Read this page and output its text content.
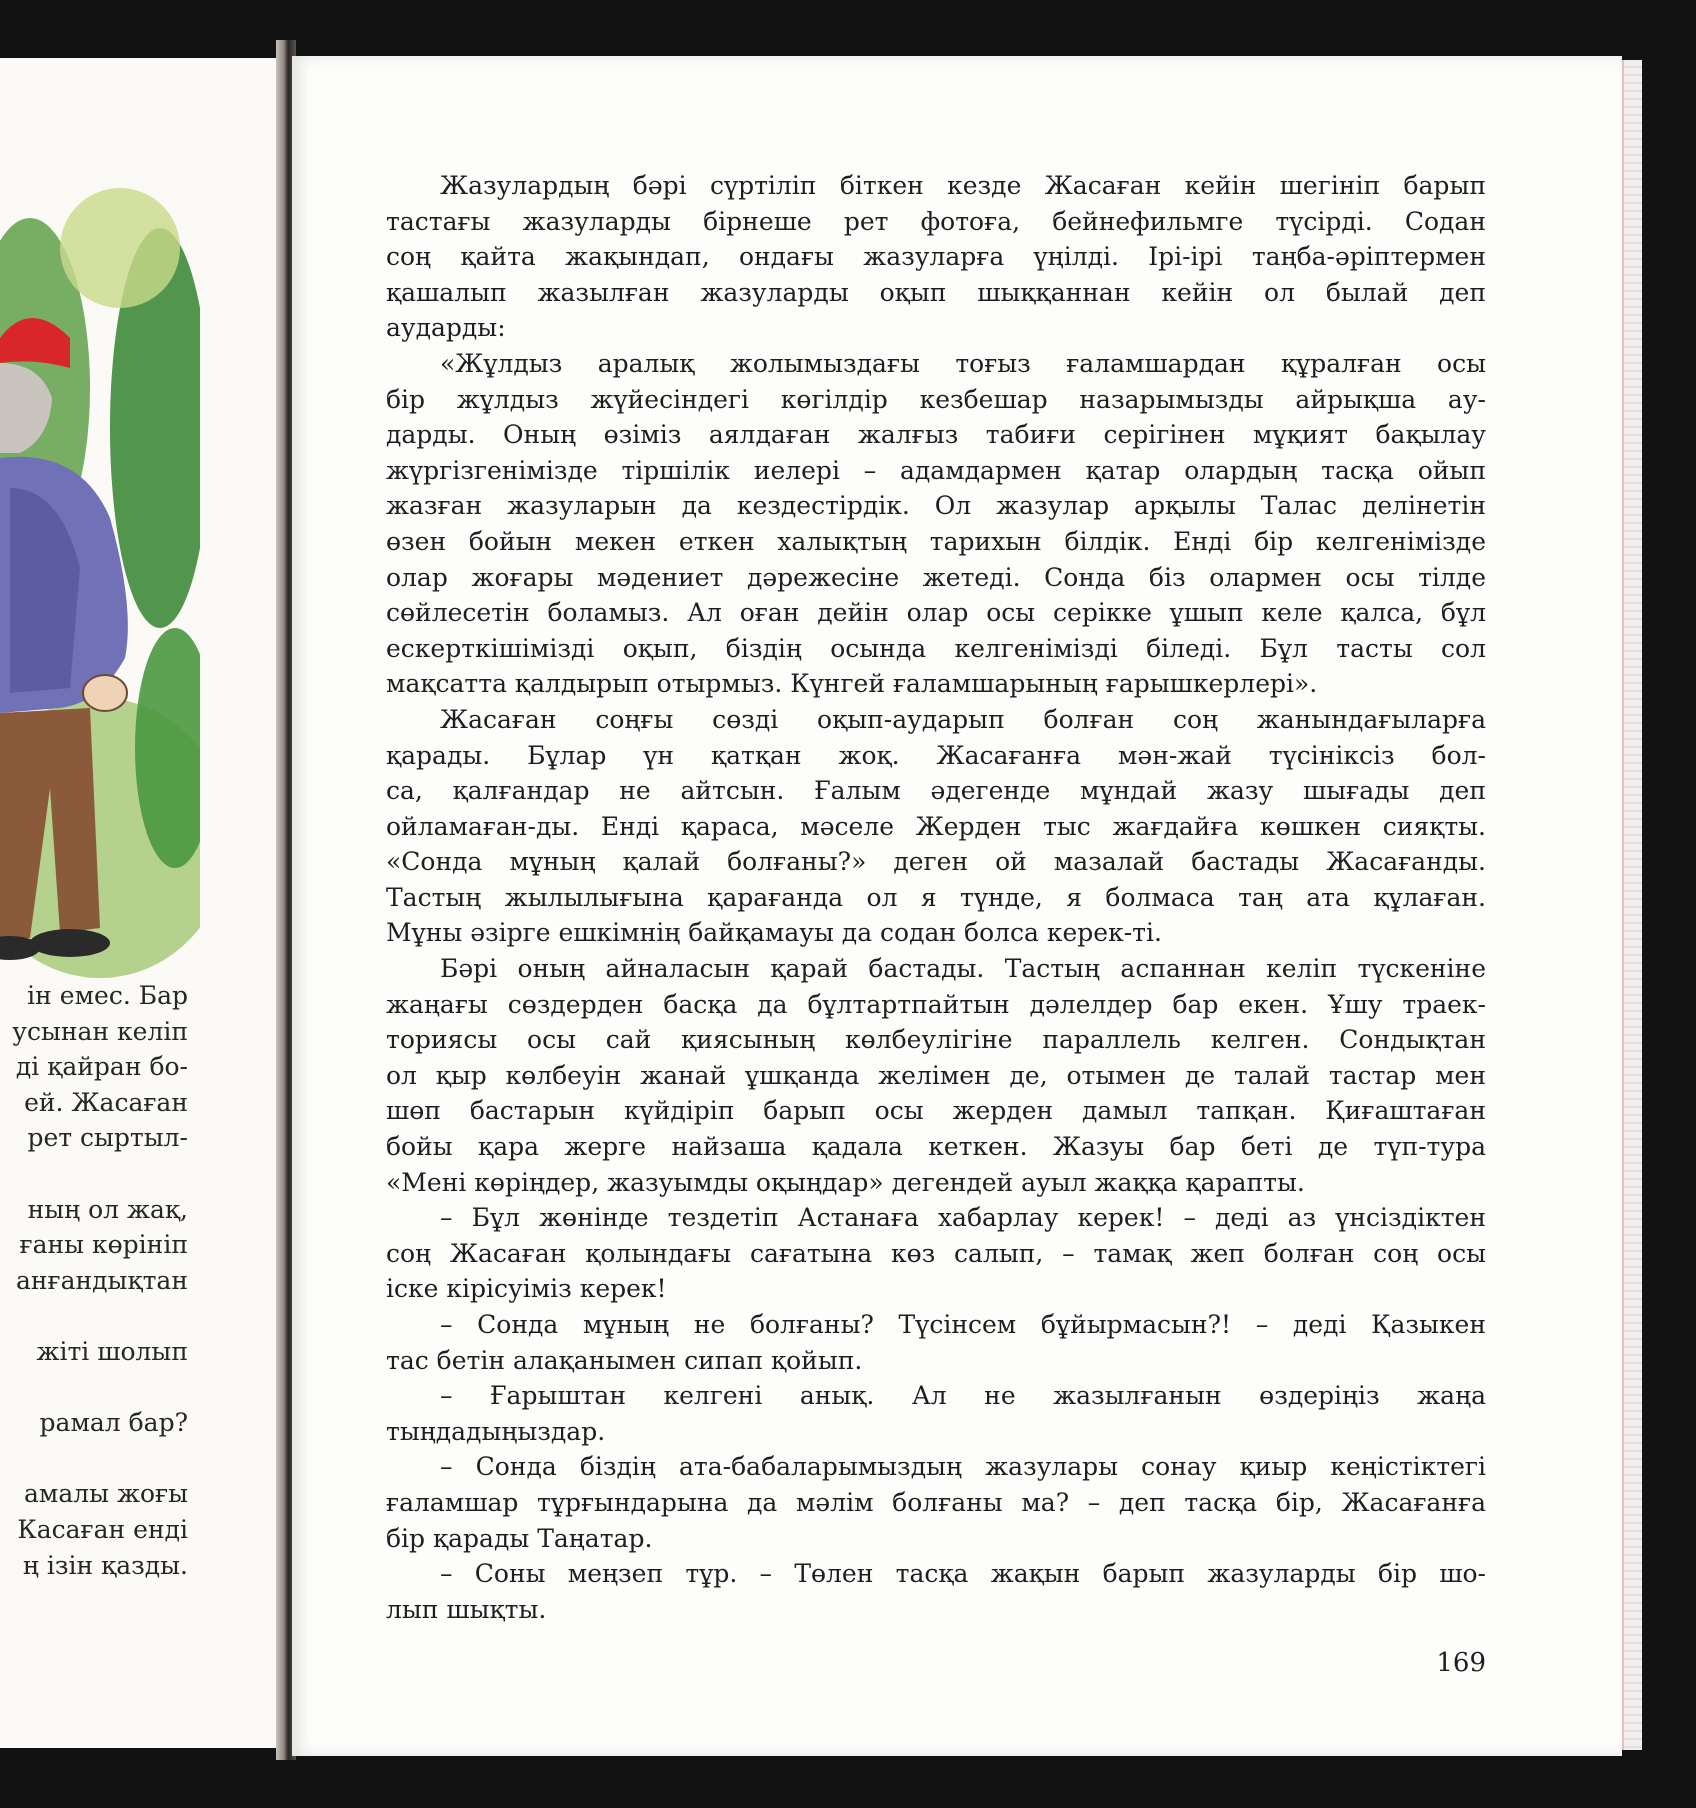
ін емес. Бар
усынан келіп
ді қайран бо-
ей. Жасаған
рет сыртыл-
ның ол жақ,
ғаны көрініп
анғандықтан
жіті шолып
рамал бар?
амалы жоғы
Касаған енді
ң ізін қазды.
Жазулардың бәрі сүртіліп біткен кезде Жасаған кейін шегініп барып
тастағы жазуларды бірнеше рет фотоға, бейнефильмге түсірді. Содан
соң қайта жақындап, ондағы жазуларға үңілді. Ірі-ірі таңба-әріптермен
қашалып жазылған жазуларды оқып шыққаннан кейін ол былай деп
аударды:
«Жұлдыз аралық жолымыздағы тоғыз ғаламшардан құралған осы
бір жұлдыз жүйесіндегі көгілдір кезбешар назарымызды айрықша ау-
дарды. Оның өзіміз аялдаған жалғыз табиғи серігінен мұқият бақылау
жүргізгенімізде тіршілік иелері – адамдармен қатар олардың тасқа ойып
жазған жазуларын да кездестірдік. Ол жазулар арқылы Талас делінетін
өзен бойын мекен еткен халықтың тарихын білдік. Енді бір келгенімізде
олар жоғары мәдениет дәрежесіне жетеді. Сонда біз олармен осы тілде
сөйлесетін боламыз. Ал оған дейін олар осы серікке ұшып келе қалса, бұл
ескерткішімізді оқып, біздің осында келгенімізді біледі. Бұл тасты сол
мақсатта қалдырып отырмыз. Күнгей ғаламшарының ғарышкерлері».
Жасаған соңғы сөзді оқып-аударып болған соң жанындағыларға
қарады. Бұлар үн қатқан жоқ. Жасағанға мән-жай түсініксіз бол-
са, қалғандар не айтсын. Ғалым әдегенде мұндай жазу шығады деп
ойламаған-ды. Енді қараса, мәселе Жерден тыс жағдайға көшкен сияқты.
«Сонда мұның қалай болғаны?» деген ой мазалай бастады Жасағанды.
Тастың жылылығына қарағанда ол я түнде, я болмаса таң ата құлаған.
Мұны әзірге ешкімнің байқамауы да содан болса керек-ті.
Бәрі оның айналасын қарай бастады. Тастың аспаннан келіп түскеніне
жаңағы сөздерден басқа да бұлтартпайтын дәлелдер бар екен. Ұшу траек-
ториясы осы сай қиясының көлбеулігіне параллель келген. Сондықтан
ол қыр көлбеуін жанай ұшқанда желімен де, отымен де талай тастар мен
шөп бастарын күйдіріп барып осы жерден дамыл тапқан. Қиғаштаған
бойы қара жерге найзаша қадала кеткен. Жазуы бар беті де түп-тура
«Мені көріңдер, жазуымды оқыңдар» дегендей ауыл жаққа қарапты.
– Бұл жөнінде тездетіп Астанаға хабарлау керек! – деді аз үнсіздіктен
соң Жасаған қолындағы сағатына көз салып, – тамақ жеп болған соң осы
іске кірісуіміз керек!
– Сонда мұның не болғаны? Түсінсем бұйырмасын?! – деді Қазыкен
тас бетін алақанымен сипап қойып.
– Ғарыштан келгені анық. Ал не жазылғанын өздеріңіз жаңа
тыңдадыңыздар.
– Сонда біздің ата-бабаларымыздың жазулары сонау қиыр кеңістіктегі
ғаламшар тұрғындарына да мәлім болғаны ма? – деп тасқа бір, Жасағанға
бір қарады Таңатар.
– Соны меңзеп тұр. – Төлен тасқа жақын барып жазуларды бір шо-
лып шықты.
169
